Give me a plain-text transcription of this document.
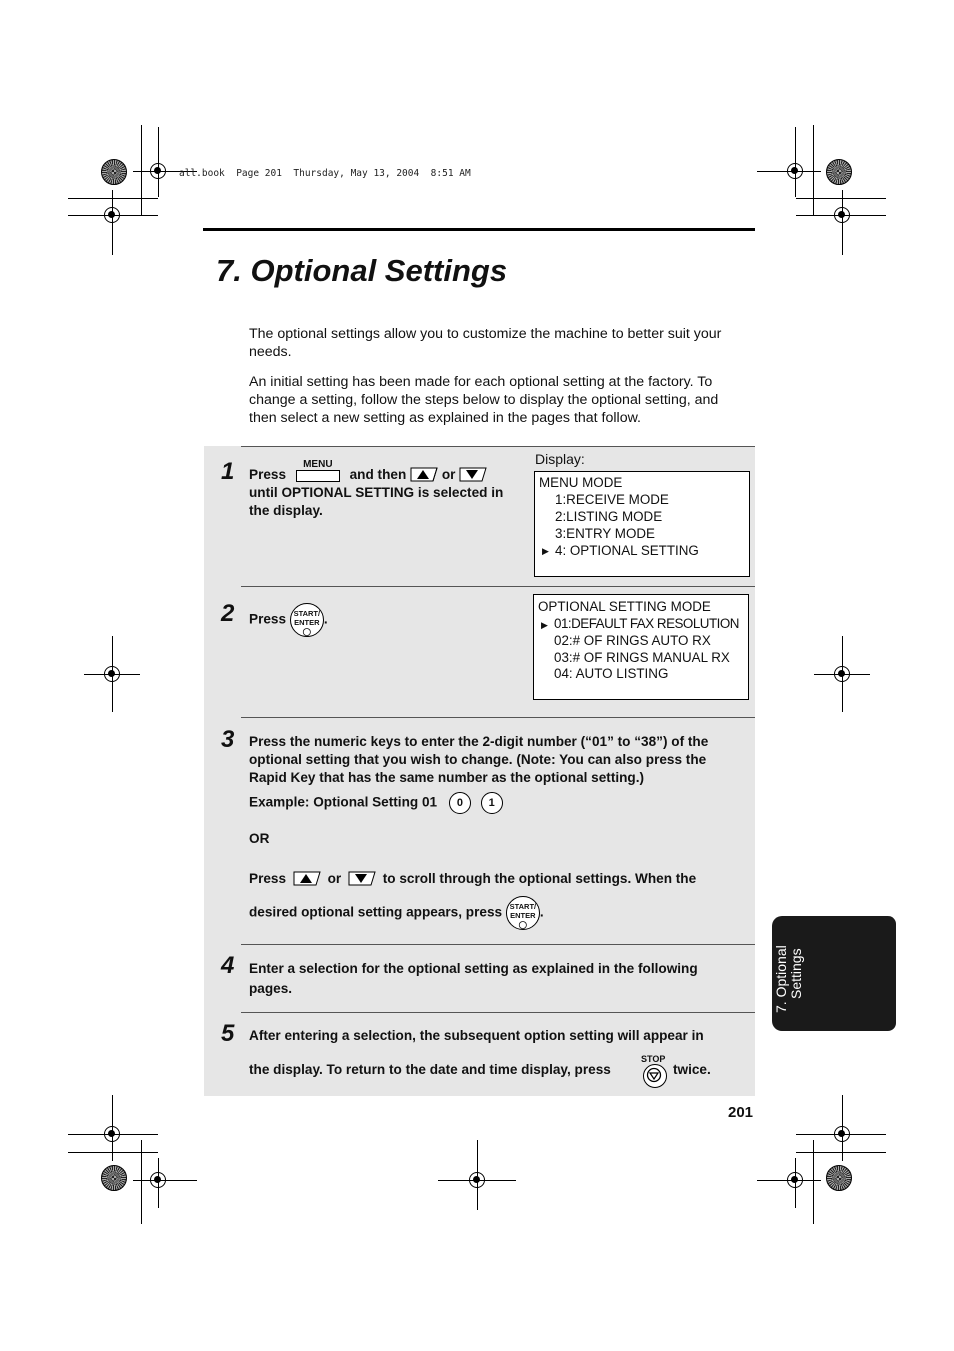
all.book  Page 201  Thursday, May 13, 2004  8:51 AM
7. Optional Settings

The optional settings allow you to customize the machine to better suit your
needs.

An initial setting has been made for each optional setting at the factory. To
change a setting, follow the steps below to display the optional setting, and
then select a new setting as explained in the pages that follow.

1 Press
MENU
and then	or

until OPTIONAL SETTING is selected in
the display.
Display:
MENU MODE
1:RECEIVE MODE
2:LISTING MODE
3:ENTRY MODE
▶ 4: OPTIONAL SETTING
2 Press START/
ENTER
◯.
OPTIONAL SETTING MODE
▶ 01:DEFAULT FAX RESOLUTION
02:# OF RINGS AUTO RX
03:# OF RINGS MANUAL RX
04: AUTO LISTING
3 Press the numeric keys to enter the 2-digit number (“01” to “38”) of the
optional setting that you wish to change. (Note: You can also press the
Rapid Key that has the same number as the optional setting.)
Example: Optional Setting 01 0 1
OR
Press	or	to scroll through the optional settings. When the
desired optional setting appears, press START/
ENTER
◯.
4 Enter a selection for the optional setting as explained in the following
pages.
5 After entering a selection, the subsequent option setting will appear in
the display. To return to the date and time display, press
STOP
twice.
7. Optional
Settings
201
